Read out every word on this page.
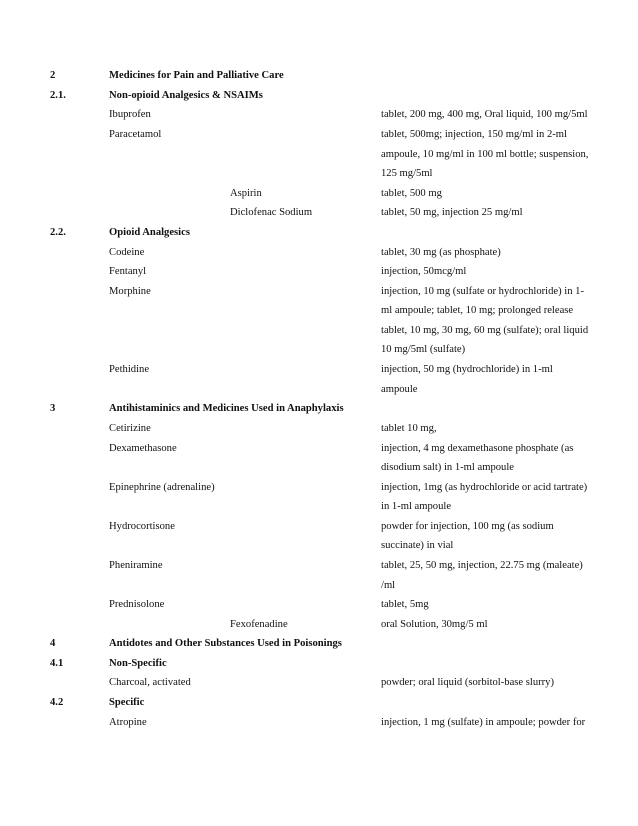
2	Medicines for Pain and Palliative Care
2.1.	Non-opioid Analgesics & NSAIMs
Ibuprofen	tablet, 200 mg, 400 mg, Oral liquid, 100 mg/5ml
Paracetamol	tablet, 500mg; injection, 150 mg/ml in 2-ml
ampoule, 10 mg/ml in 100 ml bottle; suspension,
125 mg/5ml
Aspirin	tablet, 500 mg
Diclofenac Sodium	tablet, 50 mg, injection 25 mg/ml
2.2.	Opioid Analgesics
Codeine	tablet, 30 mg (as phosphate)
Fentanyl	injection, 50mcg/ml
Morphine	injection, 10 mg (sulfate or hydrochloride) in 1-
ml ampoule; tablet, 10 mg; prolonged release
tablet, 10 mg, 30 mg, 60 mg (sulfate); oral liquid
10 mg/5ml (sulfate)
Pethidine	injection, 50 mg (hydrochloride) in 1-ml
ampoule
3	Antihistaminics and Medicines Used in Anaphylaxis
Cetirizine	tablet 10 mg,
Dexamethasone	injection, 4 mg dexamethasone phosphate (as
disodium salt) in 1-ml ampoule
Epinephrine (adrenaline)	injection, 1mg (as hydrochloride or acid tartrate)
in 1-ml ampoule
Hydrocortisone	powder for injection, 100 mg (as sodium
succinate) in vial
Pheniramine	tablet, 25, 50 mg, injection, 22.75 mg (maleate)
/ml
Prednisolone	tablet, 5mg
Fexofenadine	oral Solution, 30mg/5 ml
4	Antidotes and Other Substances Used in Poisonings
4.1	Non-Specific
Charcoal, activated	powder; oral liquid (sorbitol-base slurry)
4.2	Specific
Atropine	injection, 1 mg (sulfate) in ampoule; powder for
